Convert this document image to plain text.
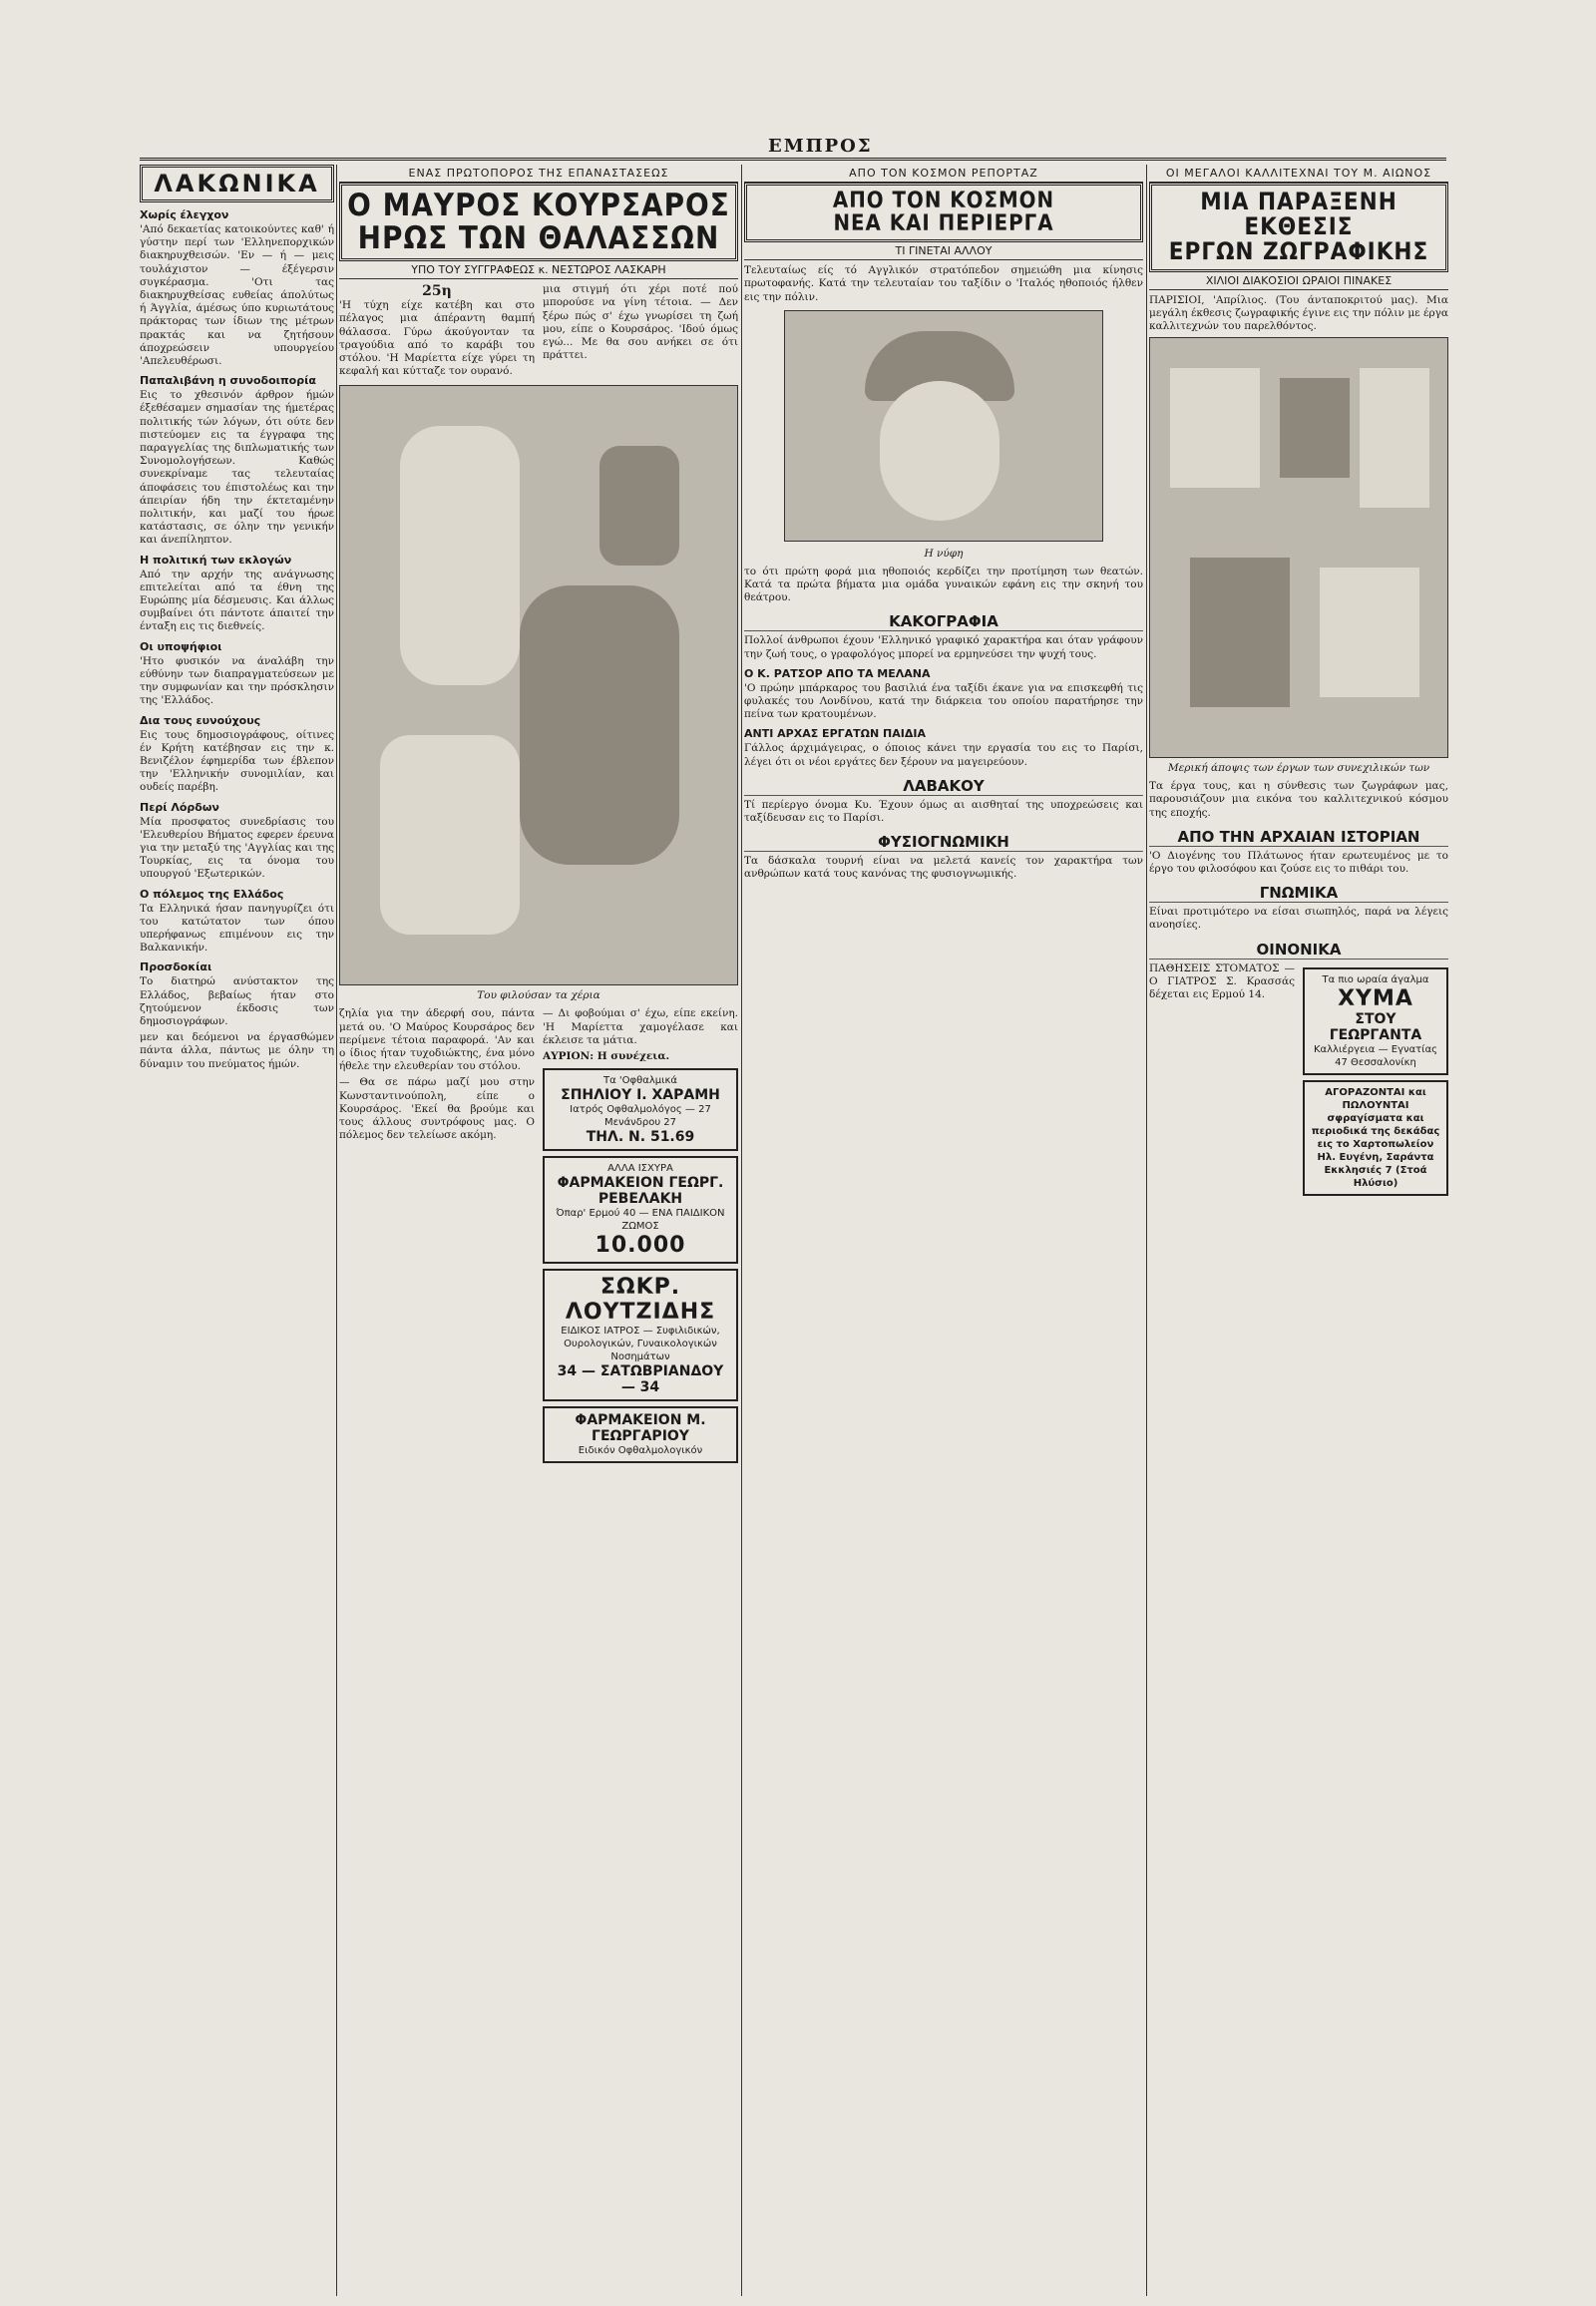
ΕΜΠΡΟΣ
ΛΑΚΩΝΙΚΑ
Χωρίς έλεγχον

'Από δεκαετίας κατοικούντες καθ' ή γύστην περί των 'Ελληνεπορχικών διακηρυχθεισών. 'Εν — ή — μεις τουλάχιστον — έξέγερσιν συγκέρασμα. 'Οτι τας διακηρυχθείσας ευθείας άπολύτως ή Άγγλία, άμέσως ύπο κυριωτάτους πράκτορας των ίδιων της μέτρων πρακτάς και να ζητήσουν άποχρεώσειν υπουργείου 'Απελευθέρωσι.

Παπαλιβάνη η συνοδοιπορία

Εις το χθεσινόν άρθρον ήμών έξεθέσαμεν σημασίαν της ήμετέρας πολιτικής τών λόγων, ότι ούτε δεν πιστεύομεν εις τα έγγραφα της παραγγελίας της διπλωματικής των Συνομολογήσεων. Καθώς συνεκρίναμε τας τελευταίας άποφάσεις του έπιστολέως και την άπειρίαν ήδη την έκτεταμένην πολιτικήν, και μαζί του ήρωε κατάστασις, σε όλην την γενικήν και άνεπίληπτον.

Η πολιτική των εκλογών

Από την αρχήν της ανάγνωσης επιτελείται από τα έθνη της Ευρώπης μία δέσμευσις. Και άλλως συμβαίνει ότι πάντοτε άπαιτεί την ένταξη εις τις διεθνείς.

Οι υποψήφιοι

'Ητο φυσικόν να άναλάβη την εύθύνην των διαπραγματεύσεων με την συμφωνίαν και την πρόσκλησιν της 'Ελλάδος.

Δια τους ευνούχους

Εις τους δημοσιογράφους, οίτινες έν Κρήτη κατέβησαν εις την κ. Βενιζέλον έφημερίδα των έβλεπον την 'Ελληνικήν συνομιλίαν, και ουδείς παρέβη.

Περί Λόρδων

Μία προσφατος συνεδρίασις του 'Ελευθερίου Βήματος εφερεν έρευνα για την μεταξύ της 'Αγγλίας και της Τουρκίας, εις τα όνομα του υπουργού 'Εξωτερικών.

Ο πόλεμος της Ελλάδος

Τα Ελληνικά ήσαν πανηγυρίζει ότι του κατώτατον των όπου υπερήφανως επιμένουν εις την Βαλκανικήν.

Προσδοκίαι

Το διατηρώ ανύστακτον της Ελλάδος, βεβαίως ήταν στο ζητούμενον έκδοσις των δημοσιογράφων.

μεν και δεόμενοι να έργασθώμεν πάντα άλλα, πάντως με όλην τη δύναμιν του πνεύματος ήμών.

ΕΝΑΣ ΠΡΩΤΟΠΟΡΟΣ ΤΗΣ ΕΠΑΝΑΣΤΑΣΕΩΣ
Ο ΜΑΥΡΟΣ ΚΟΥΡΣΑΡΟΣ
ΗΡΩΣ ΤΩΝ ΘΑΛΑΣΣΩΝ
ΥΠΟ ΤΟΥ ΣΥΓΓΡΑΦΕΩΣ κ. ΝΕΣΤΩΡΟΣ ΛΑΣΚΑΡΗ
25η

'Η τύχη είχε κατέβη και στο πέλαγος μια άπέραντη θαμπή θάλασσα. Γύρω άκούγονταν τα τραγούδια από το καράβι του στόλου. 'Η Μαρίεττα είχε γύρει τη κεφαλή και κύτταζε τον ουρανό.

μια στιγμή ότι χέρι ποτέ πού μπορούσε να γίνη τέτοια. — Δεν ξέρω πώς σ' έχω γνωρίσει τη ζωή μου, είπε ο Κουρσάρος. 'Ιδού όμως εγώ... Με θα σου ανήκει σε ότι πράττει.

Του φιλούσαν τα χέρια

ζηλία για την άδερφή σου, πάντα μετά ου. 'Ο Μαύρος Κουρσάρος δεν περίμενε τέτοια παραφορά. 'Αν και ο ίδιος ήταν τυχοδιώκτης, ένα μόνο ήθελε την ελευθερίαν του στόλου.

— Θα σε πάρω μαζί μου στην Κωνσταντινούπολη, είπε ο Κουρσάρος. 'Εκεί θα βρούμε και τους άλλους συντρόφους μας. Ο πόλεμος δεν τελείωσε ακόμη.

— Δι φοβούμαι σ' έχω, είπε εκείνη. 'Η Μαρίεττα χαμογέλασε και έκλεισε τα μάτια.

ΑΥΡΙΟΝ: Η συνέχεια.

Τα 'Οφθαλμικά
ΣΠΗΛΙΟΥ Ι. ΧΑΡΑΜΗ
Ιατρός Οφθαλμολόγος — 27 Μενάνδρου 27
ΤΗΛ. Ν. 51.69
ΑΛΛΑ ΙΣΧΥΡΑ
ΦΑΡΜΑΚΕΙΟΝ ΓΕΩΡΓ. ΡΕΒΕΛΑΚΗ
Όπαρ' Ερμού 40 — ΕΝΑ ΠΑΙΔΙΚΟΝ ΖΩΜΟΣ
10.000
ΣΩΚΡ. ΛΟΥΤΖΙΔΗΣ
ΕΙΔΙΚΟΣ ΙΑΤΡΟΣ — Συφιλιδικών, Ουρολογικών, Γυναικολογικών Νοσημάτων
34 — ΣΑΤΩΒΡΙΑΝΔΟΥ — 34
ΦΑΡΜΑΚΕΙΟΝ Μ. ΓΕΩΡΓΑΡΙΟΥ
Ειδικόν Οφθαλμολογικόν
ΑΠΟ ΤΟΝ ΚΟΣΜΟΝ ΡΕΠΟΡΤΑΖ
ΑΠΟ ΤΟΝ ΚΟΣΜΟΝ
ΝΕΑ ΚΑΙ ΠΕΡΙΕΡΓΑ
ΤΙ ΓΙΝΕΤΑΙ ΑΛΛΟΥ

Τελευταίως είς τό Αγγλικόν στρατόπεδον σημειώθη μια κίνησις πρωτοφανής. Κατά την τελευταίαν του ταξίδιν ο 'Ιταλός ηθοποιός ήλθεν εις την πόλιν.

Η νύφη

το ότι πρώτη φορά μια ηθοποιός κερδίζει την προτίμηση των θεατών. Κατά τα πρώτα βήματα μια ομάδα γυναικών εφάνη εις την σκηνή του θεάτρου.

ΚΑΚΟΓΡΑΦΙΑ

Πολλοί άνθρωποι έχουν 'Ελληνικό γραφικό χαρακτήρα και όταν γράφουν την ζωή τους, ο γραφολόγος μπορεί να ερμηνεύσει την ψυχή τους.

Ο Κ. ΡΑΤΣΟΡ ΑΠΟ ΤΑ ΜΕΛΑΝΑ

'Ο πρώην μπάρκαρος του βασιλιά ένα ταξίδι έκανε για να επισκεφθή τις φυλακές του Λονδίνου, κατά την διάρκεια του οποίου παρατήρησε την πείνα των κρατουμένων.

ΑΝΤΙ ΑΡΧΑΣ ΕΡΓΑΤΩΝ ΠΑΙΔΙΑ

Γάλλος άρχιμάγειρας, ο όποιος κάνει την εργασία του εις το Παρίσι, λέγει ότι οι νέοι εργάτες δεν ξέρουν να μαγειρεύουν.

ΛΑΒΑΚΟΥ

Τί περίεργο όνομα Κυ. Έχουν όμως αι αισθηταί της υποχρεώσεις και ταξίδευσαν εις το Παρίσι.

ΦΥΣΙΟΓΝΩΜΙΚΗ

Τα δάσκαλα τουρνή είναι να μελετά κανείς τον χαρακτήρα των ανθρώπων κατά τους κανόνας της φυσιογνωμικής.

ΟΙ ΜΕΓΑΛΟΙ ΚΑΛΛΙΤΕΧΝΑΙ ΤΟΥ Μ. ΑΙΩΝΟΣ
ΜΙΑ ΠΑΡΑΞΕΝΗ ΕΚΘΕΣΙΣ
ΕΡΓΩΝ ΖΩΓΡΑΦΙΚΗΣ
ΧΙΛΙΟΙ ΔΙΑΚΟΣΙΟΙ ΩΡΑΙΟΙ ΠΙΝΑΚΕΣ

ΠΑΡΙΣΙΟΙ, 'Απρίλιος. (Του άνταποκριτού μας). Μια μεγάλη έκθεσις ζωγραφικής έγινε εις την πόλιν με έργα καλλιτεχνών του παρελθόντος.

Μερική άποψις των έργων των συνεχιλικών των

Τα έργα τους, και η σύνθεσις των ζωγράφων μας, παρουσιάζουν μια εικόνα του καλλιτεχνικού κόσμου της εποχής.

ΑΠΟ ΤΗΝ ΑΡΧΑΙΑΝ ΙΣΤΟΡΙΑΝ

'Ο Διογένης του Πλάτωνος ήταν ερωτευμένος με το έργο του φιλοσόφου και ζούσε εις το πιθάρι του.

ΓΝΩΜΙΚΑ

Είναι προτιμότερο να είσαι σιωπηλός, παρά να λέγεις ανοησίες.

ΟΙΝΟΝΙΚΑ

ΠΑΘΗΣΕΙΣ ΣΤΟΜΑΤΟΣ — Ο ΓΙΑΤΡΟΣ Σ. Κρασσάς δέχεται εις Ερμού 14.

Τα πιο ωραία άγαλμα
ΧΥΜΑ
ΣΤΟΥ ΓΕΩΡΓΑΝΤΑ
Καλλιέργεια — Εγνατίας 47 Θεσσαλονίκη
ΑΓΟΡΑΖΟΝΤΑΙ και ΠΩΛΟΥΝΤΑΙ σφραγίσματα και περιοδικά της δεκάδας εις το Χαρτοπωλείον Ηλ. Ευγένη, Σαράντα Εκκλησιές 7 (Στοά Ηλύσιο)
